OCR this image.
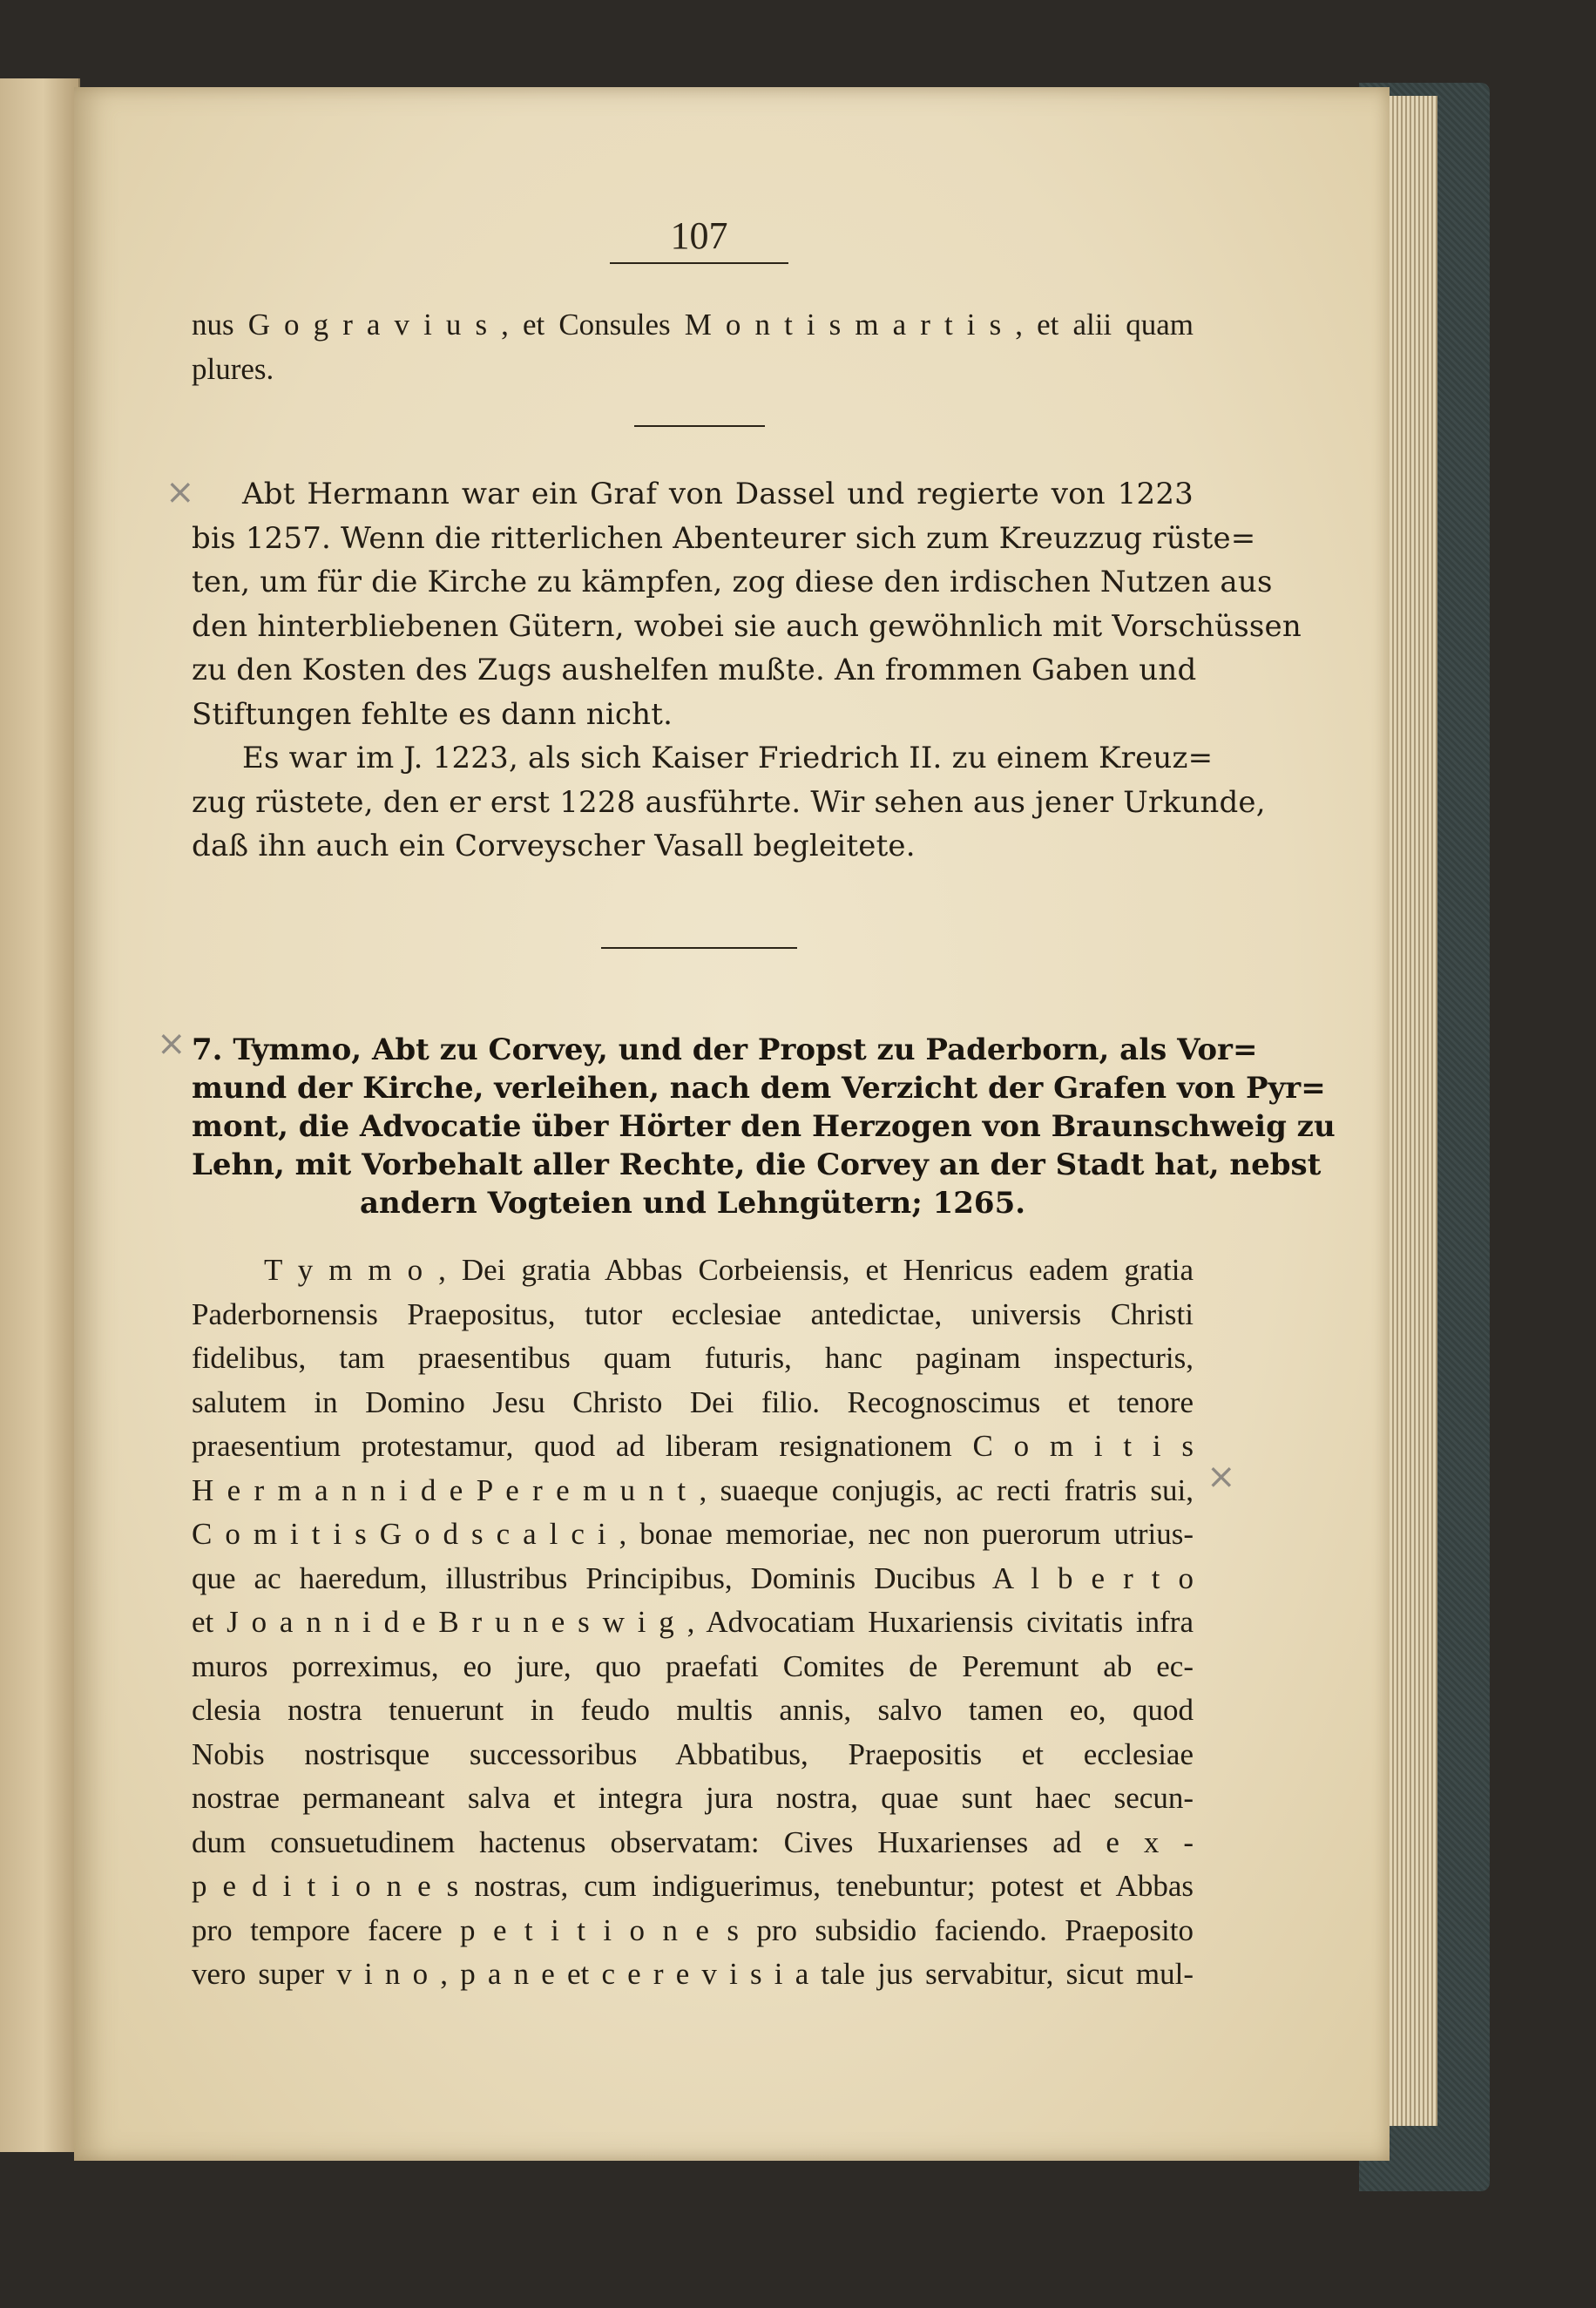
107
nus G o g r a v i u s , et Consules M o n t i s m a r t i s , et alii quam
plures.
×	Abt Hermann war ein Graf von Dassel und regierte von 1223
bis 1257. Wenn die ritterlichen Abenteurer sich zum Kreuzzug rüste=
ten, um für die Kirche zu kämpfen, zog diese den irdischen Nutzen aus
den hinterbliebenen Gütern, wobei sie auch gewöhnlich mit Vorschüssen
zu den Kosten des Zugs aushelfen mußte. An frommen Gaben und
Stiftungen fehlte es dann nicht.
Es war im J. 1223, als sich Kaiser Friedrich II. zu einem Kreuz=
zug rüstete, den er erst 1228 ausführte. Wir sehen aus jener Urkunde,
daß ihn auch ein Corveyscher Vasall begleitete.
× 7. Tymmo, Abt zu Corvey, und der Propst zu Paderborn, als Vor=
mund der Kirche, verleihen, nach dem Verzicht der Grafen von Pyr=
mont, die Advocatie über Hörter den Herzogen von Braunschweig zu
Lehn, mit Vorbehalt aller Rechte, die Corvey an der Stadt hat, nebst
andern Vogteien und Lehngütern; 1265.
×
T y m m o , Dei gratia Abbas Corbeiensis, et Henricus eadem gratia
Paderbornensis Praepositus, tutor ecclesiae antedictae, universis Christi
fidelibus, tam praesentibus quam futuris, hanc paginam inspecturis,
salutem in Domino Jesu Christo Dei filio. Recognoscimus et tenore
praesentium protestamur, quod ad liberam resignationem C o m i t i s
H e r m a n n i d e P e r e m u n t , suaeque conjugis, ac recti fratris sui,
C o m i t i s G o d s c a l c i , bonae memoriae, nec non puerorum utrius-
que ac haeredum, illustribus Principibus, Dominis Ducibus A l b e r t o
et J o a n n i d e B r u n e s w i g , Advocatiam Huxariensis civitatis infra
muros porreximus, eo jure, quo praefati Comites de Peremunt ab ec-
clesia nostra tenuerunt in feudo multis annis, salvo tamen eo, quod
Nobis nostrisque successoribus Abbatibus, Praepositis et ecclesiae
nostrae permaneant salva et integra jura nostra, quae sunt haec secun-
dum consuetudinem hactenus observatam: Cives Huxarienses ad e x -
p e d i t i o n e s nostras, cum indiguerimus, tenebuntur; potest et Abbas
pro tempore facere p e t i t i o n e s pro subsidio faciendo. Praeposito
vero super v i n o , p a n e et c e r e v i s i a tale jus servabitur, sicut mul-
